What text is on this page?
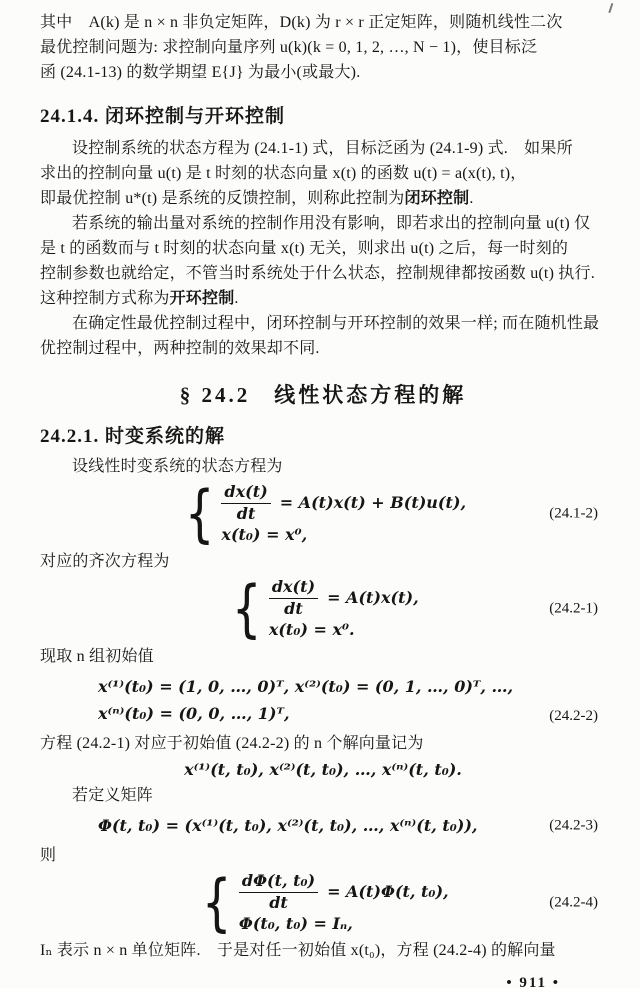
其中　A(k) 是 n × n 非负定矩阵，D(k) 为 r × r 正定矩阵，则随机线性二次
最优控制问题为: 求控制向量序列 u(k)(k = 0, 1, 2, …, N − 1)，使目标泛
函 (24.1-13) 的数学期望 E{J} 为最小(或最大).
24.1.4. 闭环控制与开环控制
设控制系统的状态方程为 (24.1-1) 式，目标泛函为 (24.1-9) 式.　如果所
求出的控制向量 u(t) 是 t 时刻的状态向量 x(t) 的函数 u(t) = a(x(t), t)，
即最优控制 u*(t) 是系统的反馈控制，则称此控制为闭环控制.
若系统的输出量对系统的控制作用没有影响，即若求出的控制向量 u(t) 仅
是 t 的函数而与 t 时刻的状态向量 x(t) 无关，则求出 u(t) 之后，每一时刻的
控制参数也就给定，不管当时系统处于什么状态，控制规律都按函数 u(t) 执行.
这种控制方式称为开环控制.
在确定性最优控制过程中，闭环控制与开环控制的效果一样; 而在随机性最
优控制过程中，两种控制的效果却不同.
§ 24.2　线性状态方程的解
24.2.1. 时变系统的解
设线性时变系统的状态方程为
{ $\frac{dx(t)}{dt} = A(t)x(t) + B(t)u(t)$,
x(t₀) = x⁰,
(24.1-2)
对应的齐次方程为
{ $\frac{dx(t)}{dt} = A(t)x(t)$,
x(t₀) = x⁰.
(24.2-1)
现取 n 组初始值
x⁽¹⁾(t₀) = (1, 0, …, 0)ᵀ, x⁽²⁾(t₀) = (0, 1, …, 0)ᵀ, …,
x⁽ⁿ⁾(t₀) = (0, 0, …, 1)ᵀ,	(24.2-2)
方程 (24.2-1) 对应于初始值 (24.2-2) 的 n 个解向量记为
x⁽¹⁾(t, t₀), x⁽²⁾(t, t₀), …, x⁽ⁿ⁾(t, t₀).
若定义矩阵
Φ(t, t₀) = (x⁽¹⁾(t, t₀), x⁽²⁾(t, t₀), …, x⁽ⁿ⁾(t, t₀)),	(24.2-3)
则
{ $\frac{\text{dΦ(t, t₀)}}{dt} = A(t)\Phi(t$, t₀),
Φ(t₀, t₀) = Iₙ,
(24.2-4)
Iₙ 表示 n × n 单位矩阵.　于是对任一初始值 x(t₀)，方程 (24.2-4) 的解向量
• 911 •
